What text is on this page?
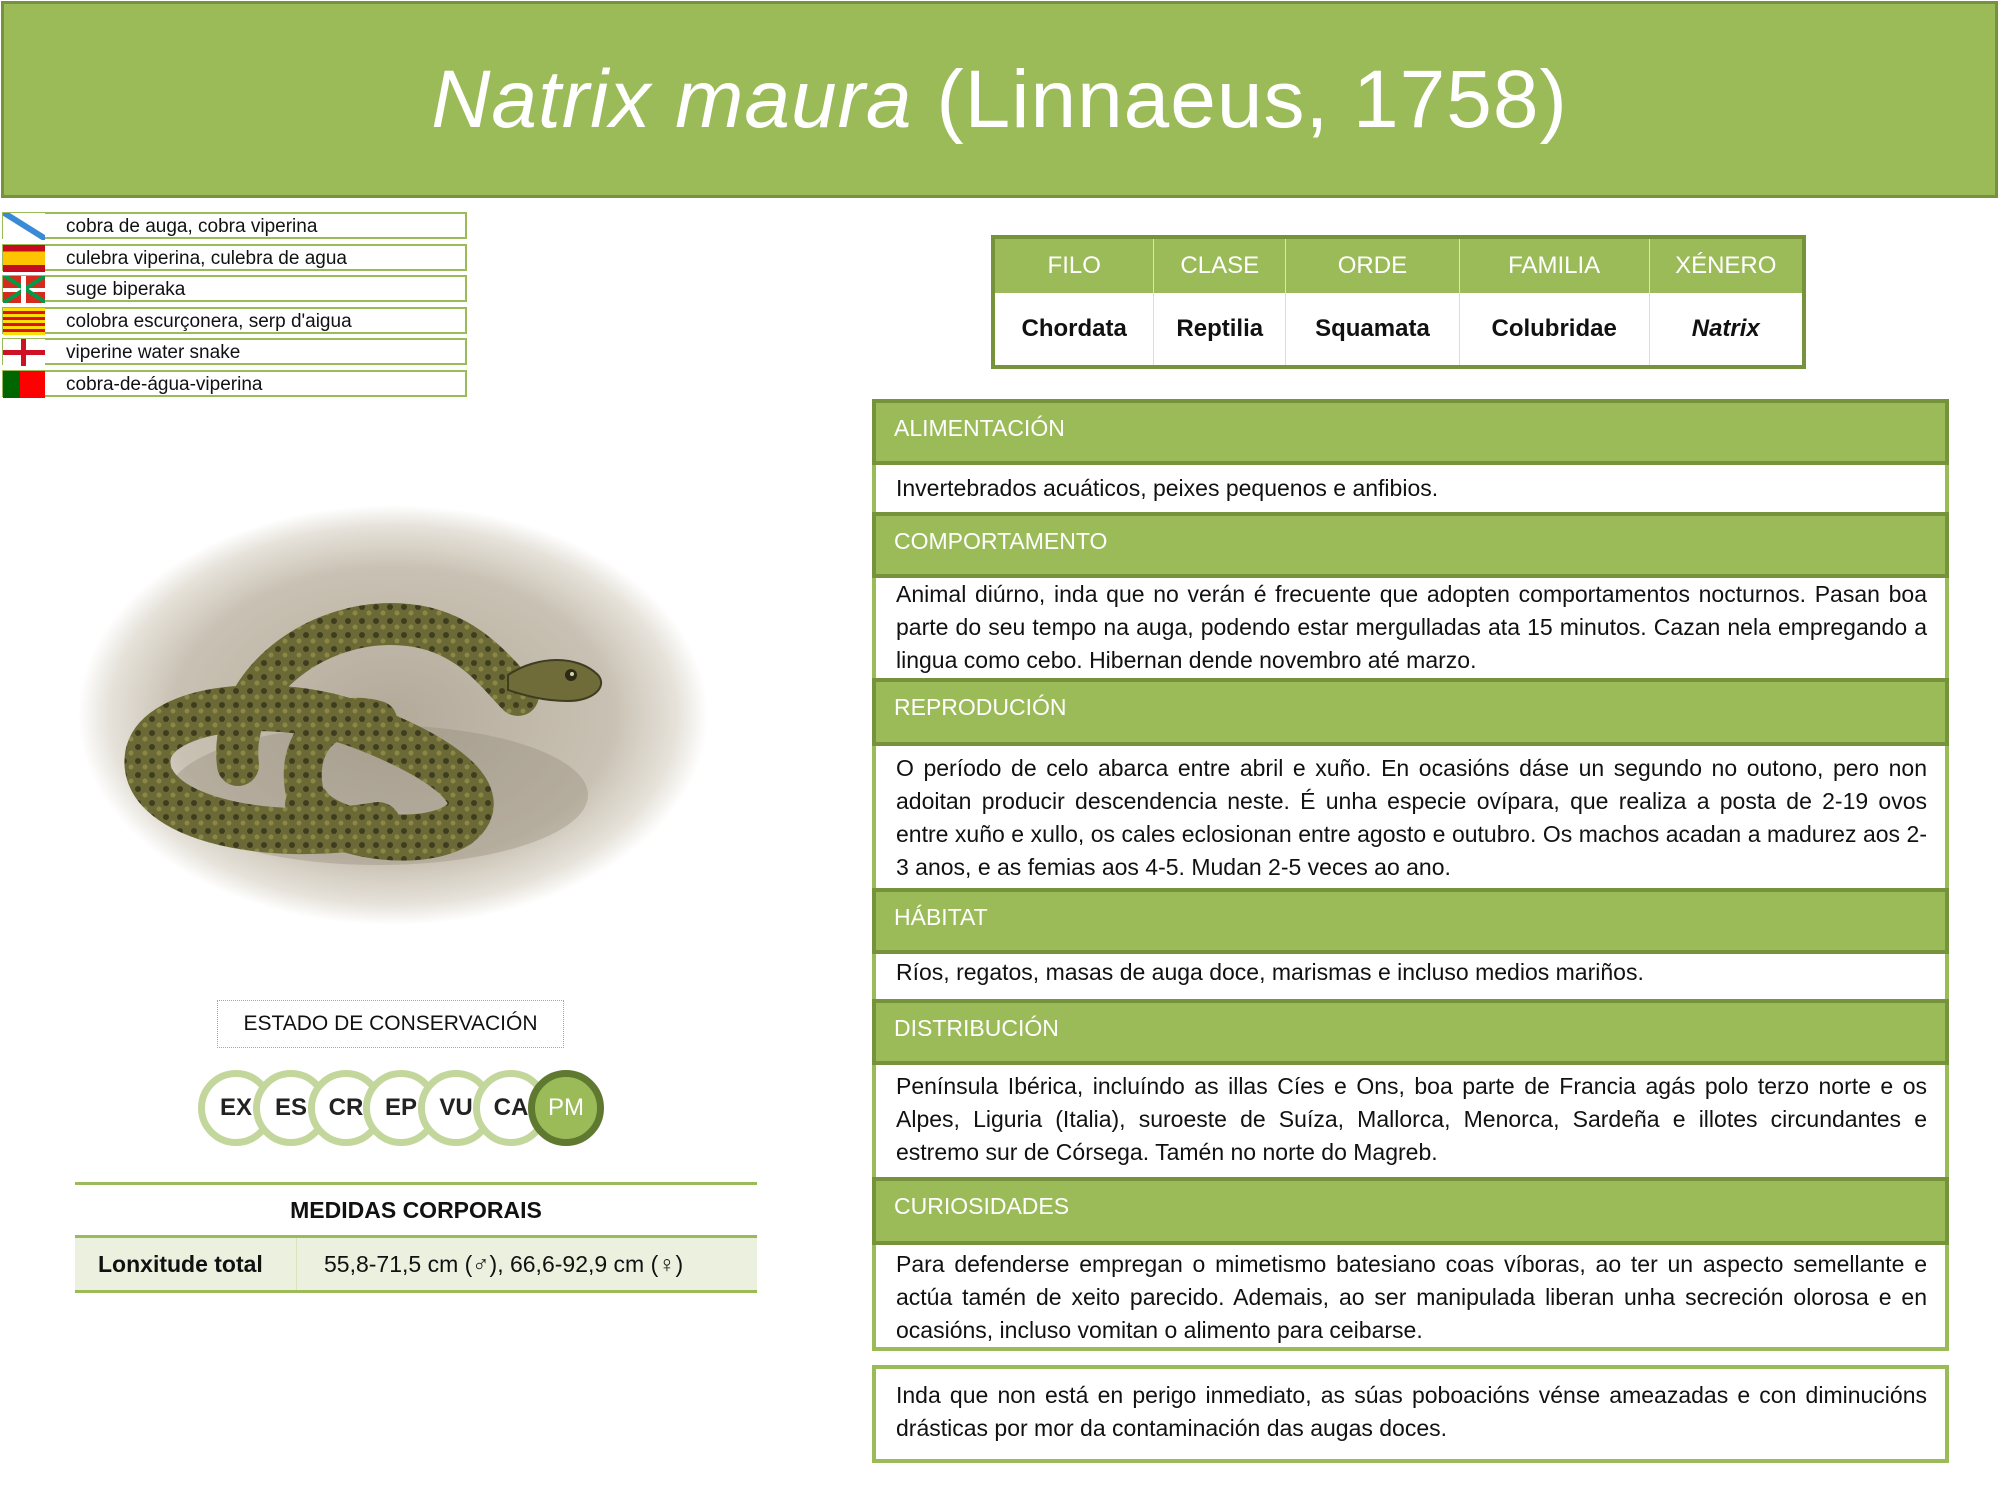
Natrix maura (Linnaeus, 1758)
cobra de auga, cobra viperina
culebra viperina, culebra de agua
suge biperaka
colobra escurçonera, serp d'aigua
viperine water snake
cobra-de-água-viperina
ESTADO DE CONSERVACIÓN
EX ES CR EP VU CA PM
MEDIDAS CORPORAIS
Lonxitude total	55,8-71,5 cm (♂), 66,6-92,9 cm (♀)
FILO	CLASE	ORDE	FAMILIA	XÉNERO
Chordata	Reptilia	Squamata	Colubridae	Natrix
ALIMENTACIÓN
Invertebrados acuáticos, peixes pequenos e anfibios.
COMPORTAMENTO
Animal diúrno, inda que no verán é frecuente que adopten comportamentos nocturnos. Pasan boa parte do seu tempo na auga, podendo estar mergulladas ata 15 minutos. Cazan nela empregando a lingua como cebo. Hibernan dende novembro até marzo.
REPRODUCIÓN
O período de celo abarca entre abril e xuño. En ocasións dáse un segundo no outono, pero non adoitan producir descendencia neste. É unha especie ovípara, que realiza a posta de 2-19 ovos entre xuño e xullo, os cales eclosionan entre agosto e outubro. Os machos acadan a madurez aos 2-3 anos, e as femias aos 4-5. Mudan 2-5 veces ao ano.
HÁBITAT
Ríos, regatos, masas de auga doce, marismas e incluso medios mariños.
DISTRIBUCIÓN
Península Ibérica, incluíndo as illas Cíes e Ons, boa parte de Francia agás polo terzo norte e os Alpes, Liguria (Italia), suroeste de Suíza, Mallorca, Menorca, Sardeña e illotes circundantes e estremo sur de Córsega. Tamén no norte do Magreb.
CURIOSIDADES
Para defenderse empregan o mimetismo batesiano coas víboras, ao ter un aspecto semellante e actúa tamén de xeito parecido. Ademais, ao ser manipulada liberan unha secreción olorosa e en ocasións, incluso vomitan o alimento para ceibarse.
Inda que non está en perigo inmediato, as súas poboacións vénse ameazadas e con diminucións drásticas por mor da contaminación das augas doces.
